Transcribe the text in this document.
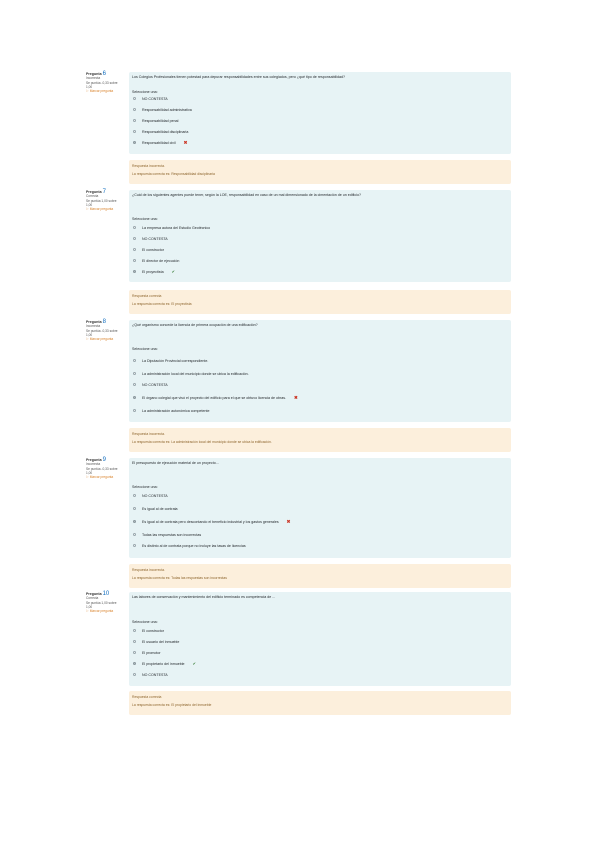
Pregunta 6
Incorrecta
Se puntúa -0,33 sobre 1,00
⚐ Marcar pregunta
Los Colegios Profesionales tienen potestad para depurar responsabilidades entre sus colegiados, pero ¿qué tipo de responsabilidad?
Seleccione una:
NO CONTESTA
Responsabilidad administrativa
Responsabilidad penal
Responsabilidad disciplinaria
Responsabilidad civil ✖
Respuesta incorrecta.
La respuesta correcta es: Responsabilidad disciplinaria
Pregunta 7
Correcta
Se puntúa 1,00 sobre 1,00
⚐ Marcar pregunta
¿Cuál de los siguientes agentes puede tener, según la LOE, responsabilidad en caso de un mal dimensionado de la cimentación de un edificio?
Seleccione una:
La empresa autora del Estudio Geotécnico
NO CONTESTA
El constructor
El director de ejecución
El proyectista ✔
Respuesta correcta
La respuesta correcta es: El proyectista
Pregunta 8
Incorrecta
Se puntúa -0,33 sobre 1,00
⚐ Marcar pregunta
¿Qué organismo concede la licencia de primera ocupación de una edificación?
Seleccione una:
La Diputación Provincial correspondiente.
La administración local del municipio donde se ubica la edificación.
NO CONTESTA
El órgano colegial que visó el proyecto del edificio para el que se obtuvo licencia de obras. ✖
La administración autonómica competente
Respuesta incorrecta.
La respuesta correcta es: La administración local del municipio donde se ubica la edificación.
Pregunta 9
Incorrecta
Se puntúa -0,33 sobre 1,00
⚐ Marcar pregunta
El presupuesto de ejecución material de un proyecto...
Seleccione una:
NO CONTESTA
Es igual al de contrata
Es igual al de contrata pero descontando el beneficio industrial y los gastos generales ✖
Todas las respuestas son incorrectas
Es distinto al de contrata porque no incluye las tasas de licencias
Respuesta incorrecta.
La respuesta correcta es: Todas las respuestas son incorrectas
Pregunta 10
Correcta
Se puntúa 1,00 sobre 1,00
⚐ Marcar pregunta
Las labores de conservación y mantenimiento del edificio terminado es competencia de ...
Seleccione una:
El constructor
El usuario del inmueble
El promotor
El propietario del inmueble ✔
NO CONTESTA
Respuesta correcta
La respuesta correcta es: El propietario del inmueble
